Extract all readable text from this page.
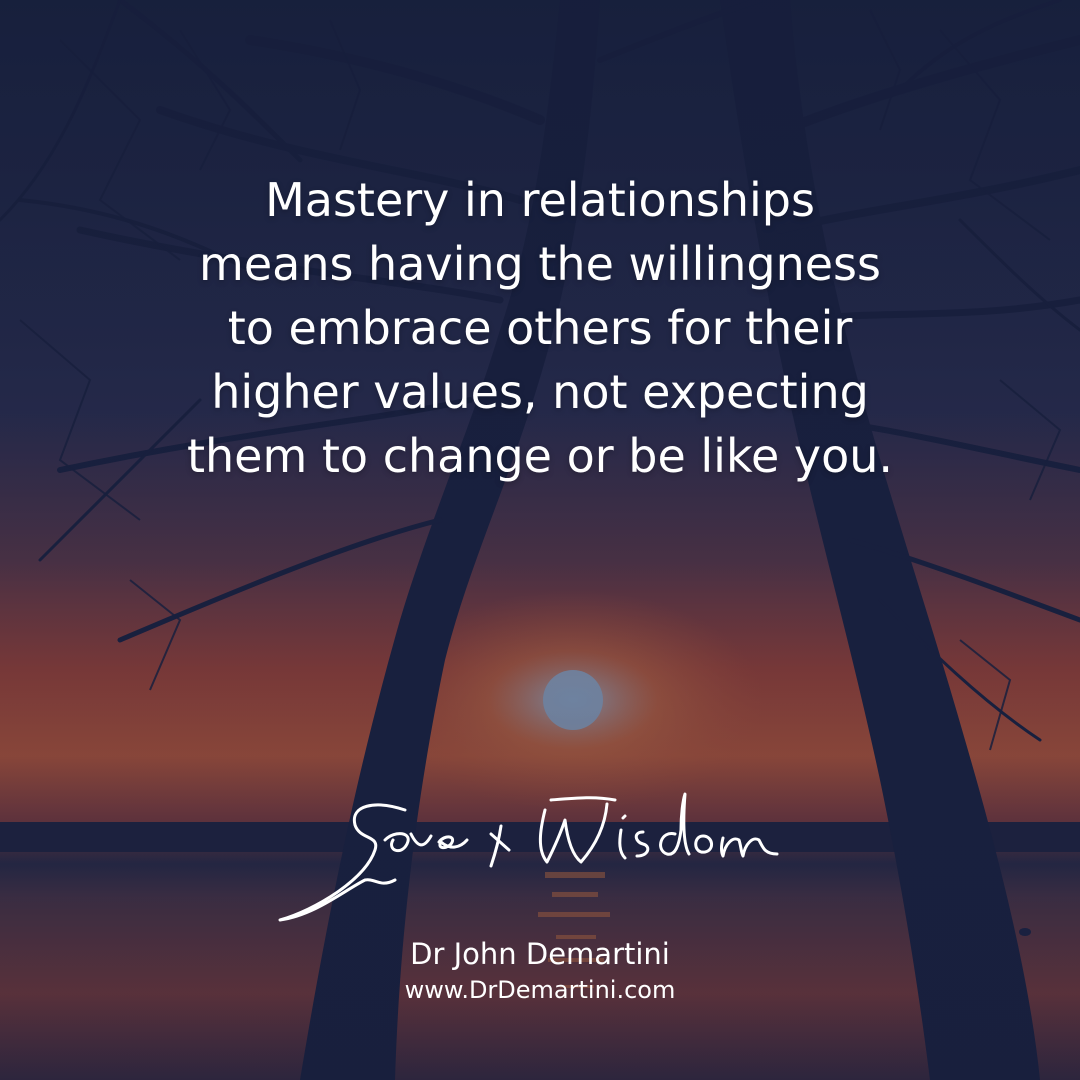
Mastery in relationships
means having the willingness
to embrace others for their
higher values, not expecting
them to change or be like you.
Dr John Demartini
www.DrDemartini.com
